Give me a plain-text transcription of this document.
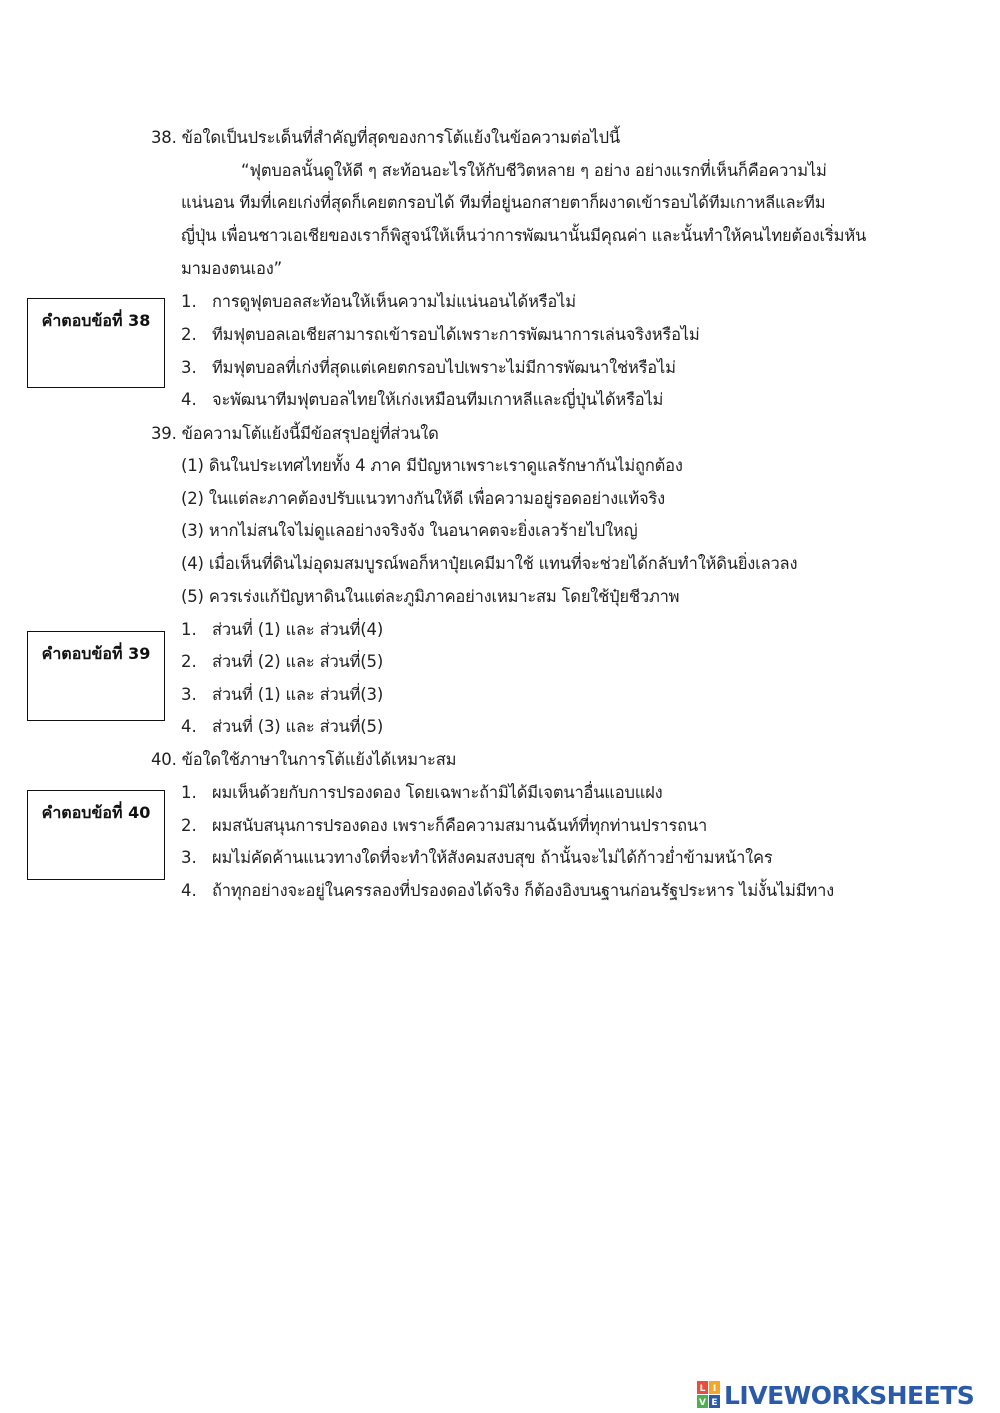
38. ข้อใดเป็นประเด็นที่สำคัญที่สุดของการโต้แย้งในข้อความต่อไปนี้
“ฟุตบอลนั้นดูให้ดี ๆ สะท้อนอะไรให้กับชีวิตหลาย ๆ อย่าง อย่างแรกที่เห็นก็คือความไม่
แน่นอน ทีมที่เคยเก่งที่สุดก็เคยตกรอบได้ ทีมที่อยู่นอกสายตาก็ผงาดเข้ารอบได้ทีมเกาหลีและทีม
ญี่ปุ่น เพื่อนชาวเอเชียของเราก็พิสูจน์ให้เห็นว่าการพัฒนานั้นมีคุณค่า และนั้นทำให้คนไทยต้องเริ่มหัน
มามองตนเอง”
คำตอบข้อที่ 38
1. การดูฟุตบอลสะท้อนให้เห็นความไม่แน่นอนได้หรือไม่
2. ทีมฟุตบอลเอเชียสามารถเข้ารอบได้เพราะการพัฒนาการเล่นจริงหรือไม่
3. ทีมฟุตบอลที่เก่งที่สุดแต่เคยตกรอบไปเพราะไม่มีการพัฒนาใช่หรือไม่
4. จะพัฒนาทีมฟุตบอลไทยให้เก่งเหมือนทีมเกาหลีและญี่ปุ่นได้หรือไม่
39. ข้อความโต้แย้งนี้มีข้อสรุปอยู่ที่ส่วนใด
(1) ดินในประเทศไทยทั้ง 4 ภาค มีปัญหาเพราะเราดูแลรักษากันไม่ถูกต้อง
(2) ในแต่ละภาคต้องปรับแนวทางกันให้ดี เพื่อความอยู่รอดอย่างแท้จริง
(3) หากไม่สนใจไม่ดูแลอย่างจริงจัง ในอนาคตจะยิ่งเลวร้ายไปใหญ่
(4) เมื่อเห็นที่ดินไม่อุดมสมบูรณ์พอก็หาปุ๋ยเคมีมาใช้ แทนที่จะช่วยได้กลับทำให้ดินยิ่งเลวลง
(5) ควรเร่งแก้ปัญหาดินในแต่ละภูมิภาคอย่างเหมาะสม โดยใช้ปุ๋ยชีวภาพ
คำตอบข้อที่ 39
1. ส่วนที่ (1) และ ส่วนที่(4)
2. ส่วนที่ (2) และ ส่วนที่(5)
3. ส่วนที่ (1) และ ส่วนที่(3)
4. ส่วนที่ (3) และ ส่วนที่(5)
40. ข้อใดใช้ภาษาในการโต้แย้งได้เหมาะสม
คำตอบข้อที่ 40
1. ผมเห็นด้วยกับการปรองดอง โดยเฉพาะถ้ามิได้มีเจตนาอื่นแอบแฝง
2. ผมสนับสนุนการปรองดอง เพราะก็คือความสมานฉันท์ที่ทุกท่านปรารถนา
3. ผมไม่คัดค้านแนวทางใดที่จะทำให้สังคมสงบสุข ถ้านั้นจะไม่ได้ก้าวย่ำข้ามหน้าใคร
4. ถ้าทุกอย่างจะอยู่ในครรลองที่ปรองดองได้จริง ก็ต้องอิงบนฐานก่อนรัฐประหาร ไม่งั้นไม่มีทาง
L I
V E LIVEWORKSHEETS
